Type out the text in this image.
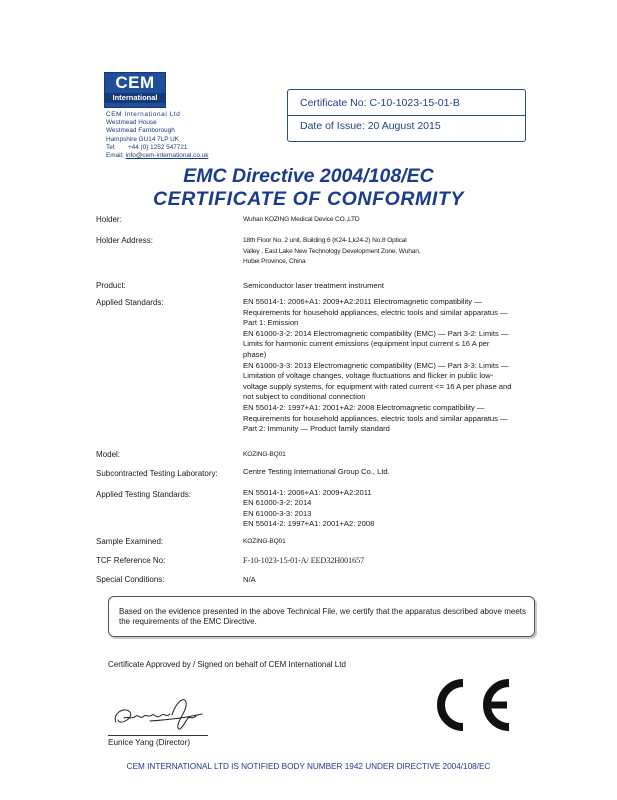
CEM
International
CEM International Ltd
Westmead House
Westmead Farnborough
Hampshire GU14 7LP UK
Tel: +44 (0) 1252 547721
Email: info@cem-international.co.uk
Certificate No: C-10-1023-15-01-B
Date of Issue: 20 August 2015
EMC Directive 2004/108/EC
CERTIFICATE OF CONFORMITY
Holder:	Wuhan KOZING Medical Device CO.,LTD
Holder Address:	18th Floor No. 2 unit, Building 6 (K24-1,k24-2) No.8 Optical
Valley , East Lake New Technology Development Zone, Wuhan,
Hubei Province, China
Product:	Semiconductor laser treatment instrument
Applied Standards:	EN 55014-1: 2006+A1: 2009+A2:2011 Electromagnetic compatibility —
Requirements for household appliances, electric tools and similar apparatus —
Part 1: Emission
EN 61000-3-2: 2014 Electromagnetic compatibility (EMC) — Part 3-2: Limits —
Limits for harmonic current emissions (equipment input current ≤ 16 A per
phase)
EN 61000-3-3: 2013 Electromagnetic compatibility (EMC) — Part 3-3: Limits —
Limitation of voltage changes, voltage fluctuations and flicker in public low-
voltage supply systems, for equipment with rated current <= 16 A per phase and
not subject to conditional connection
EN 55014-2: 1997+A1: 2001+A2: 2008 Electromagnetic compatibility —
Requirements for household appliances, electric tools and similar apparatus —
Part 2: Immunity — Product family standard
Model:	KOZING-BQ01
Subcontracted Testing Laboratory:	Centre Testing International Group Co., Ltd.
Applied Testing Standards:	EN 55014-1: 2006+A1: 2009+A2:2011
EN 61000-3-2: 2014
EN 61000-3-3: 2013
EN 55014-2: 1997+A1: 2001+A2: 2008
Sample Examined:	KOZING-BQ01
TCF Reference No:	F-10-1023-15-01-A/ EED32H001657
Special Conditions:	N/A

Based on the evidence presented in the above Technical File, we certify that the apparatus described above meets the requirements of the EMC Directive.

Certificate Approved by / Signed on behalf of CEM International Ltd
Eunice Yang (Director)
CEM INTERNATIONAL LTD IS NOTIFIED BODY NUMBER 1942 UNDER DIRECTIVE 2004/108/EC
